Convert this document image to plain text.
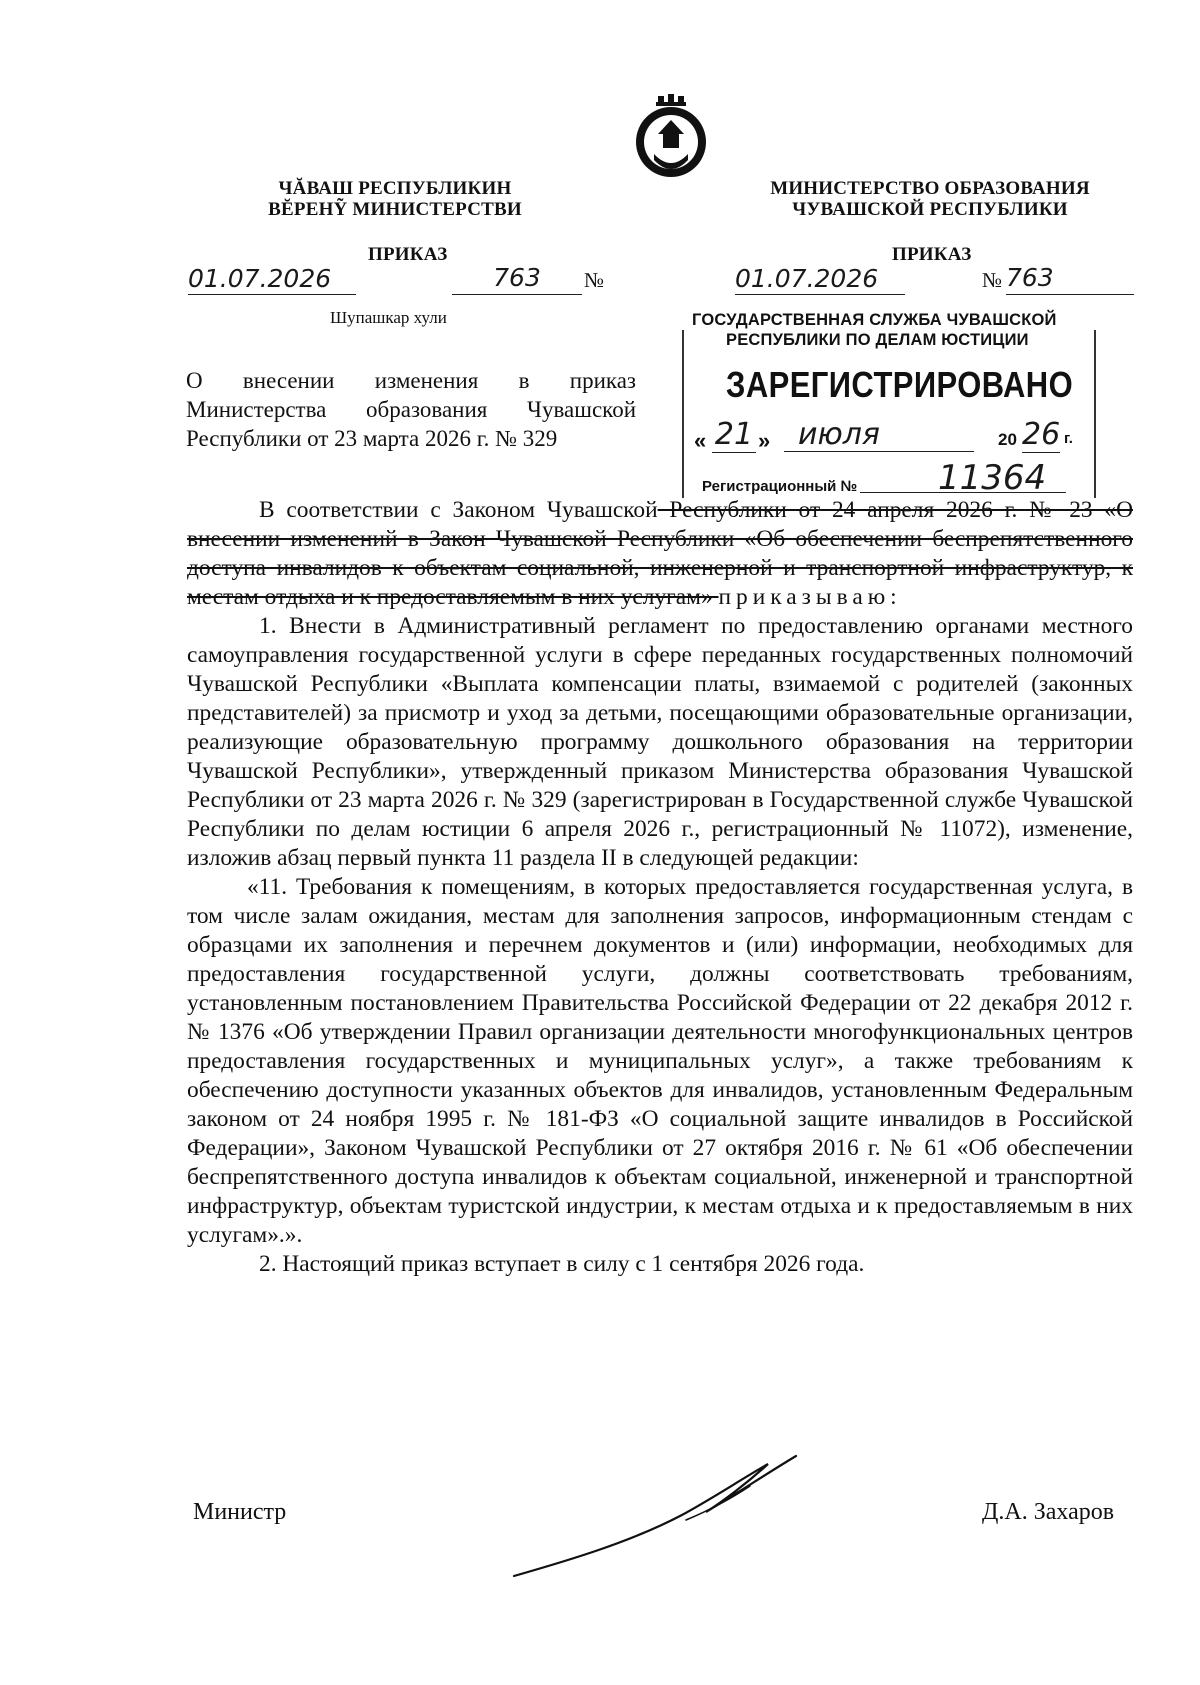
ЧĂВАШ РЕСПУБЛИКИН
ВĔРЕНỸ МИНИСТЕРСТВИ
МИНИСТЕРСТВО ОБРАЗОВАНИЯ
ЧУВАШСКОЙ РЕСПУБЛИКИ
ПРИКАЗ	ПРИКАЗ
01.07.2026	763	№	01.07.2026	№ 763
Шупашкар хули
О внесении изменения в приказ Министерства образования Чувашской Республики от 23 марта 2026 г. № 329
ГОСУДАРСТВЕННАЯ СЛУЖБА ЧУВАШСКОЙ
РЕСПУБЛИКИ ПО ДЕЛАМ ЮСТИЦИИ
ЗАРЕГИСТРИРОВАНО
« 21 » июля	20 26 г.
Регистрационный № 11364

В соответствии с Законом Чувашской Республики от 24 апреля 2026 г. № 23 «О внесении изменений в Закон Чувашской Республики «Об обеспечении беспрепятственного доступа инвалидов к объектам социальной, инженерной и транспортной инфраструктур, к местам отдыха и к предоставляемым в них услугам» приказываю:

1. Внести в Административный регламент по предоставлению органами местного самоуправления государственной услуги в сфере переданных государственных полномочий Чувашской Республики «Выплата компенсации платы, взимаемой с родителей (законных представителей) за присмотр и уход за детьми, посещающими образовательные организации, реализующие образовательную программу дошкольного образования на территории Чувашской Республики», утвержденный приказом Министерства образования Чувашской Республики от 23 марта 2026 г. № 329 (зарегистрирован в Государственной службе Чувашской Республики по делам юстиции 6 апреля 2026 г., регистрационный № 11072), изменение, изложив абзац первый пункта 11 раздела II в следующей редакции:

«11. Требования к помещениям, в которых предоставляется государственная услуга, в том числе залам ожидания, местам для заполнения запросов, информационным стендам с образцами их заполнения и перечнем документов и (или) информации, необходимых для предоставления государственной услуги, должны соответствовать требованиям, установленным постановлением Правительства Российской Федерации от 22 декабря 2012 г. № 1376 «Об утверждении Правил организации деятельности многофункциональных центров предоставления государственных и муниципальных услуг», а также требованиям к обеспечению доступности указанных объектов для инвалидов, установленным Федеральным законом от 24 ноября 1995 г. № 181-ФЗ «О социальной защите инвалидов в Российской Федерации», Законом Чувашской Республики от 27 октября 2016 г. № 61 «Об обеспечении беспрепятственного доступа инвалидов к объектам социальной, инженерной и транспортной инфраструктур, объектам туристской индустрии, к местам отдыха и к предоставляемым в них услугам».».

2. Настоящий приказ вступает в силу с 1 сентября 2026 года.

Министр	Д.А. Захаров
